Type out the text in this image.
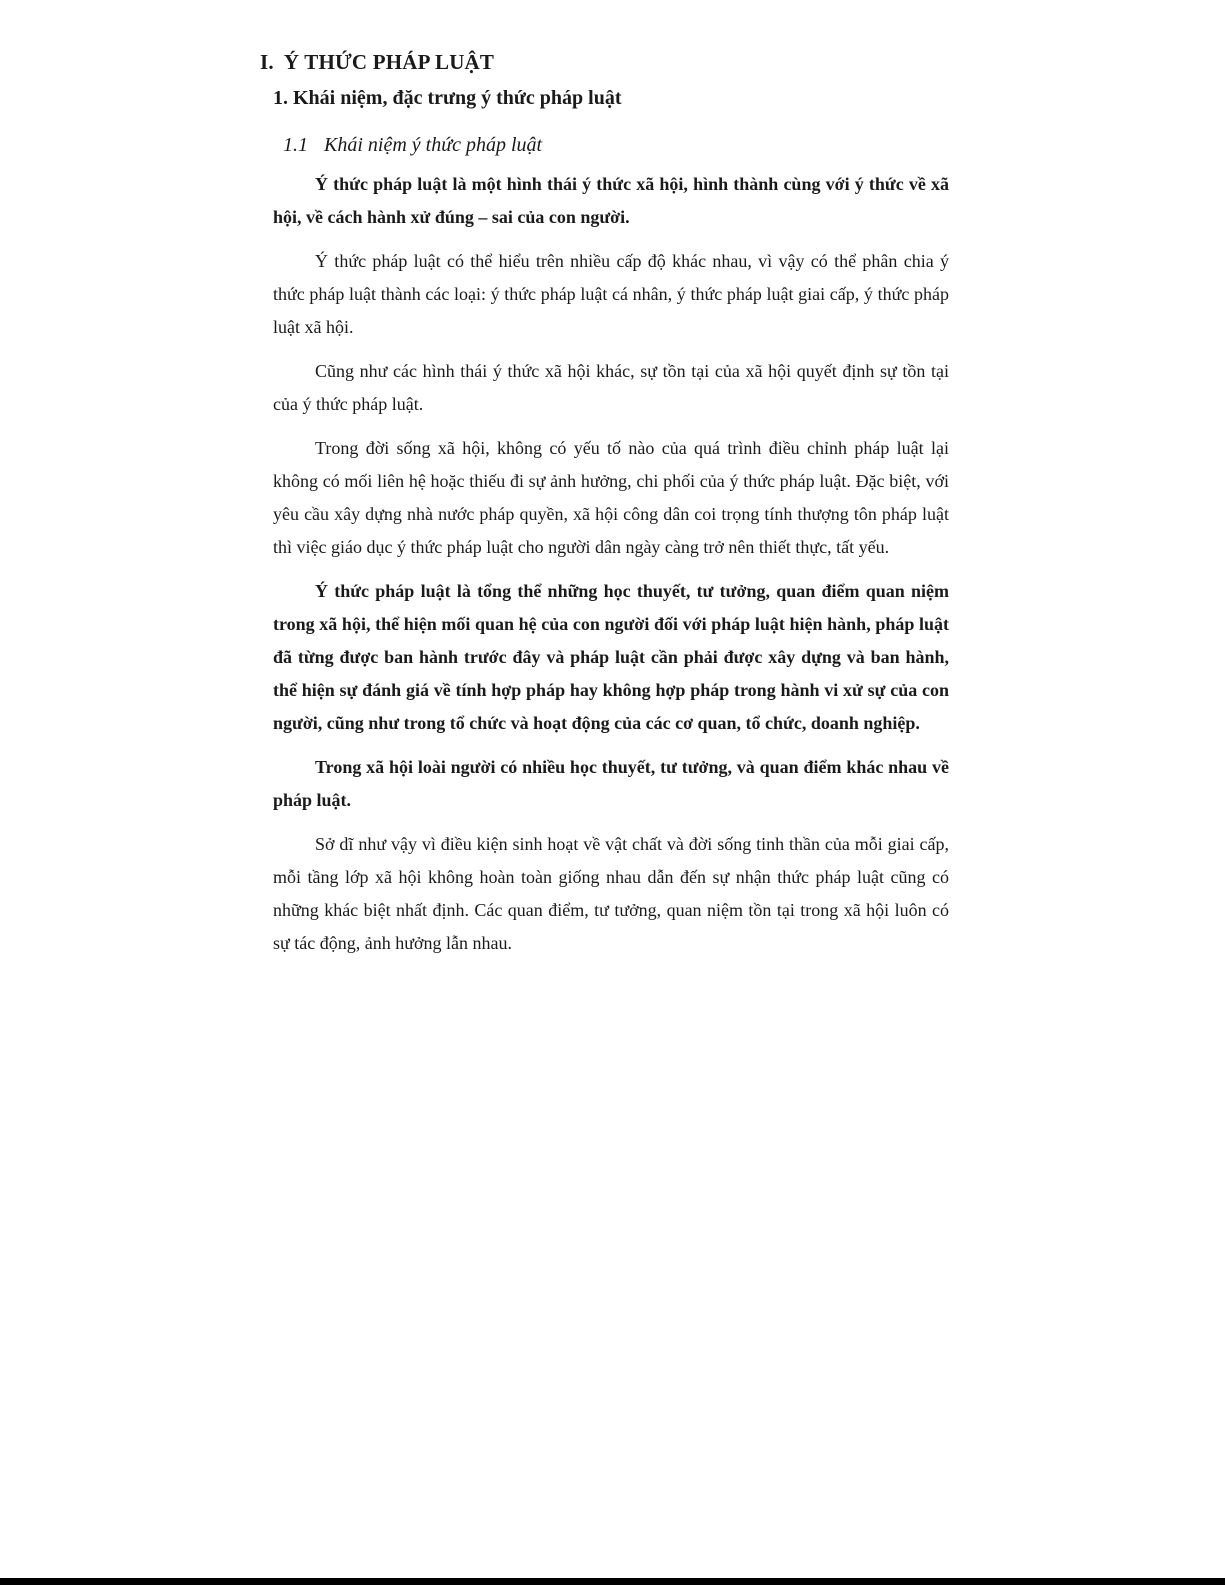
I. Ý THỨC PHÁP LUẬT
1. Khái niệm, đặc trưng ý thức pháp luật
1.1 Khái niệm ý thức pháp luật

Ý thức pháp luật là một hình thái ý thức xã hội, hình thành cùng với ý thức về xã hội, về cách hành xử đúng – sai của con người.

Ý thức pháp luật có thể hiểu trên nhiều cấp độ khác nhau, vì vậy có thể phân chia ý thức pháp luật thành các loại: ý thức pháp luật cá nhân, ý thức pháp luật giai cấp, ý thức pháp luật xã hội.

Cũng như các hình thái ý thức xã hội khác, sự tồn tại của xã hội quyết định sự tồn tại của ý thức pháp luật.

Trong đời sống xã hội, không có yếu tố nào của quá trình điều chỉnh pháp luật lại không có mối liên hệ hoặc thiếu đi sự ảnh hưởng, chi phối của ý thức pháp luật. Đặc biệt, với yêu cầu xây dựng nhà nước pháp quyền, xã hội công dân coi trọng tính thượng tôn pháp luật thì việc giáo dục ý thức pháp luật cho người dân ngày càng trở nên thiết thực, tất yếu.

Ý thức pháp luật là tổng thể những học thuyết, tư tưởng, quan điểm quan niệm trong xã hội, thể hiện mối quan hệ của con người đối với pháp luật hiện hành, pháp luật đã từng được ban hành trước đây và pháp luật cần phải được xây dựng và ban hành, thể hiện sự đánh giá về tính hợp pháp hay không hợp pháp trong hành vi xử sự của con người, cũng như trong tổ chức và hoạt động của các cơ quan, tổ chức, doanh nghiệp.

Trong xã hội loài người có nhiều học thuyết, tư tưởng, và quan điểm khác nhau về pháp luật.

Sở dĩ như vậy vì điều kiện sinh hoạt về vật chất và đời sống tinh thần của mỗi giai cấp, mỗi tầng lớp xã hội không hoàn toàn giống nhau dẫn đến sự nhận thức pháp luật cũng có những khác biệt nhất định. Các quan điểm, tư tưởng, quan niệm tồn tại trong xã hội luôn có sự tác động, ảnh hưởng lẫn nhau.
